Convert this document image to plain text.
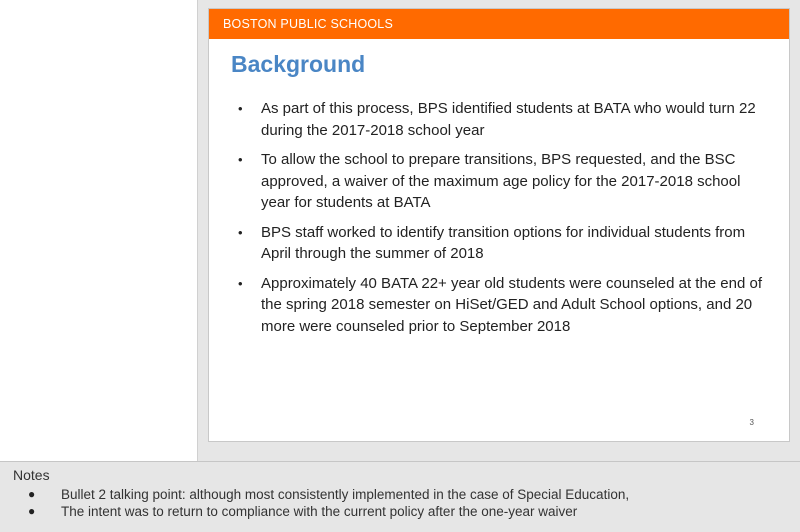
BOSTON PUBLIC SCHOOLS
Background
• As part of this process, BPS identified students at BATA who would turn 22 during the 2017-2018 school year
• To allow the school to prepare transitions, BPS requested, and the BSC approved, a waiver of the maximum age policy for the 2017-2018 school year for students at BATA
• BPS staff worked to identify transition options for individual students from April through the summer of 2018
• Approximately 40 BATA 22+ year old students were counseled at the end of the spring 2018 semester on HiSet/GED and Adult School options, and 20 more were counseled prior to September 2018
3
Notes
● Bullet 2 talking point: although most consistently implemented in the case of Special Education,
● The intent was to return to compliance with the current policy after the one-year waiver
